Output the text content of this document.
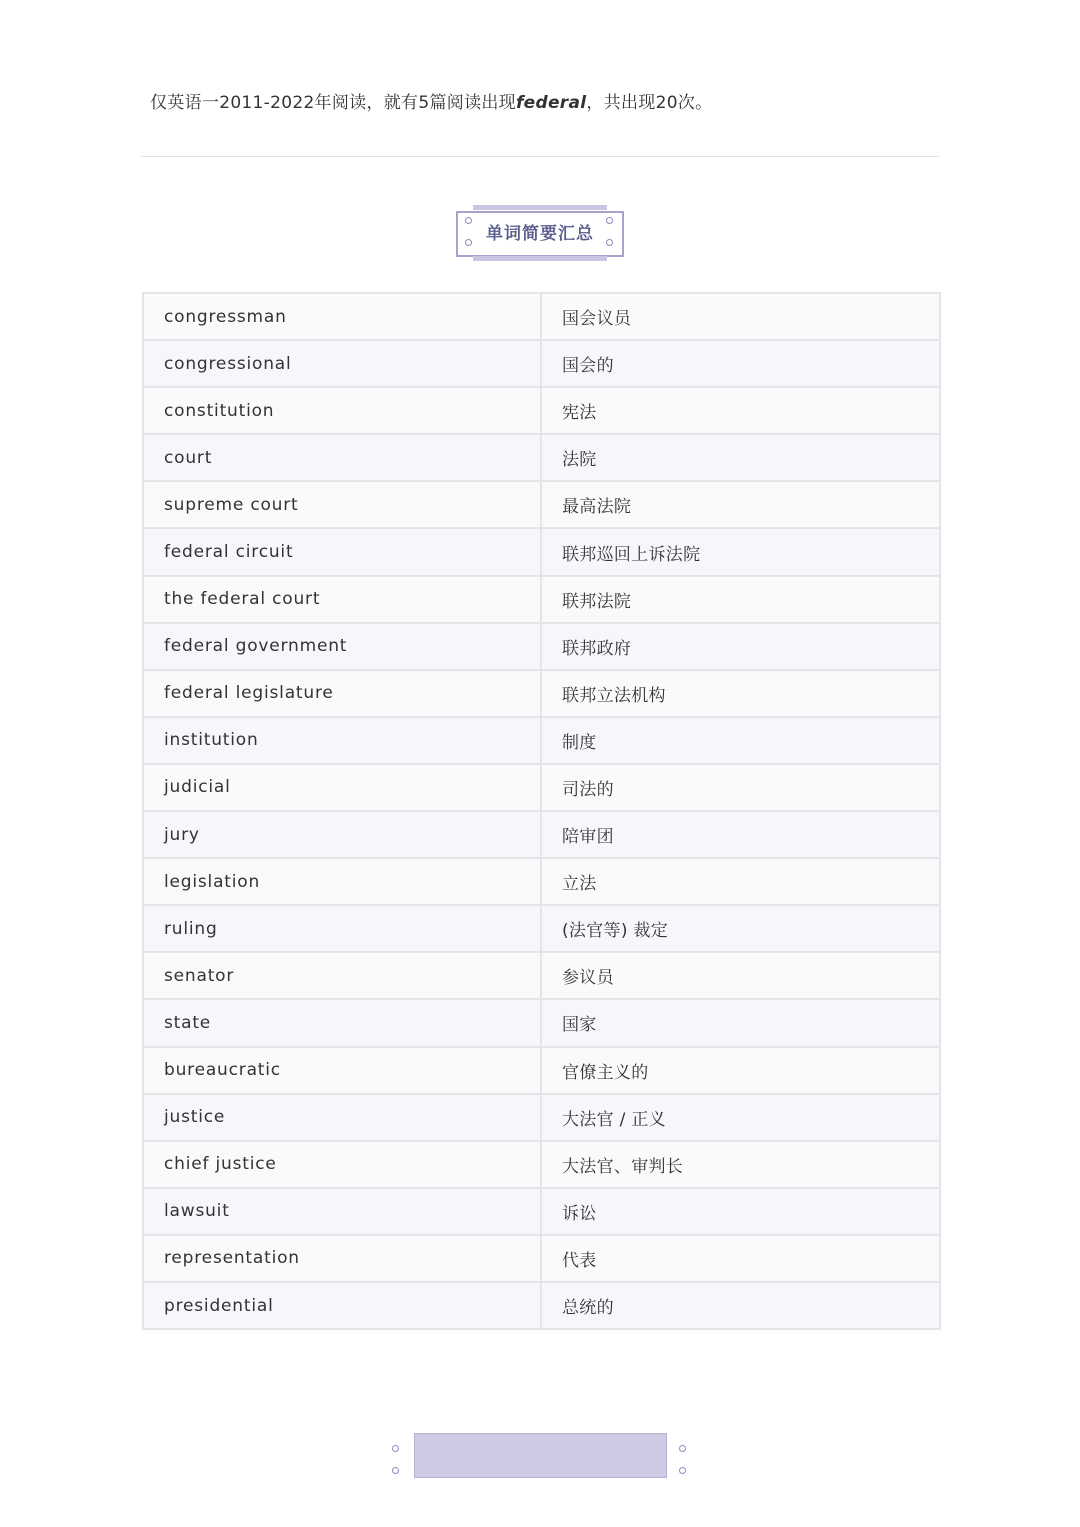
仅英语一2011-2022年阅读，就有5篇阅读出现federal，共出现20次。
单词简要汇总
congressman	国会议员
congressional	国会的
constitution	宪法
court	法院
supreme court	最高法院
federal circuit	联邦巡回上诉法院
the federal court	联邦法院
federal government	联邦政府
federal legislature	联邦立法机构
institution	制度
judicial	司法的
jury	陪审团
legislation	立法
ruling	(法官等) 裁定
senator	参议员
state	国家
bureaucratic	官僚主义的
justice	大法官 / 正义
chief justice	大法官、审判长
lawsuit	诉讼
representation	代表
presidential	总统的
